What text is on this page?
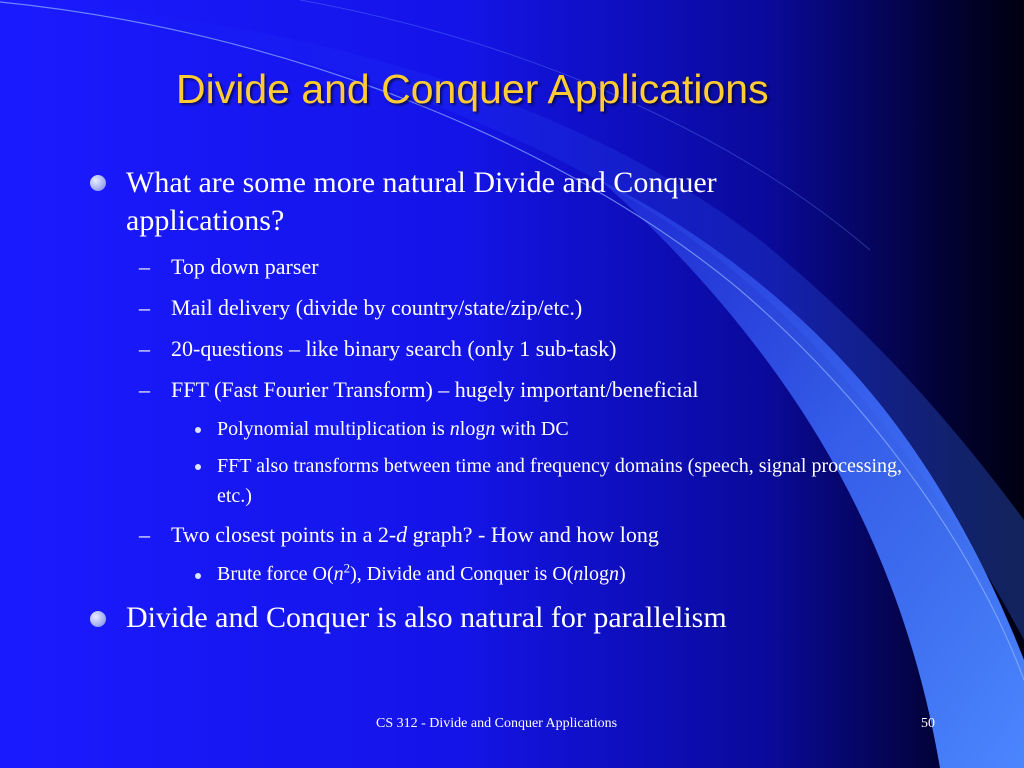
Divide and Conquer Applications
What are some more natural Divide and Conquer applications?
– Top down parser
– Mail delivery (divide by country/state/zip/etc.)
– 20-questions – like binary search (only 1 sub-task)
– FFT (Fast Fourier Transform) – hugely important/beneficial
Polynomial multiplication is nlogn with DC
FFT also transforms between time and frequency domains (speech, signal processing, etc.)
– Two closest points in a 2-d graph? - How and how long
Brute force $O(n^2)$, Divide and Conquer is O(nlogn)
Divide and Conquer is also natural for parallelism
CS 312 - Divide and Conquer Applications	50
